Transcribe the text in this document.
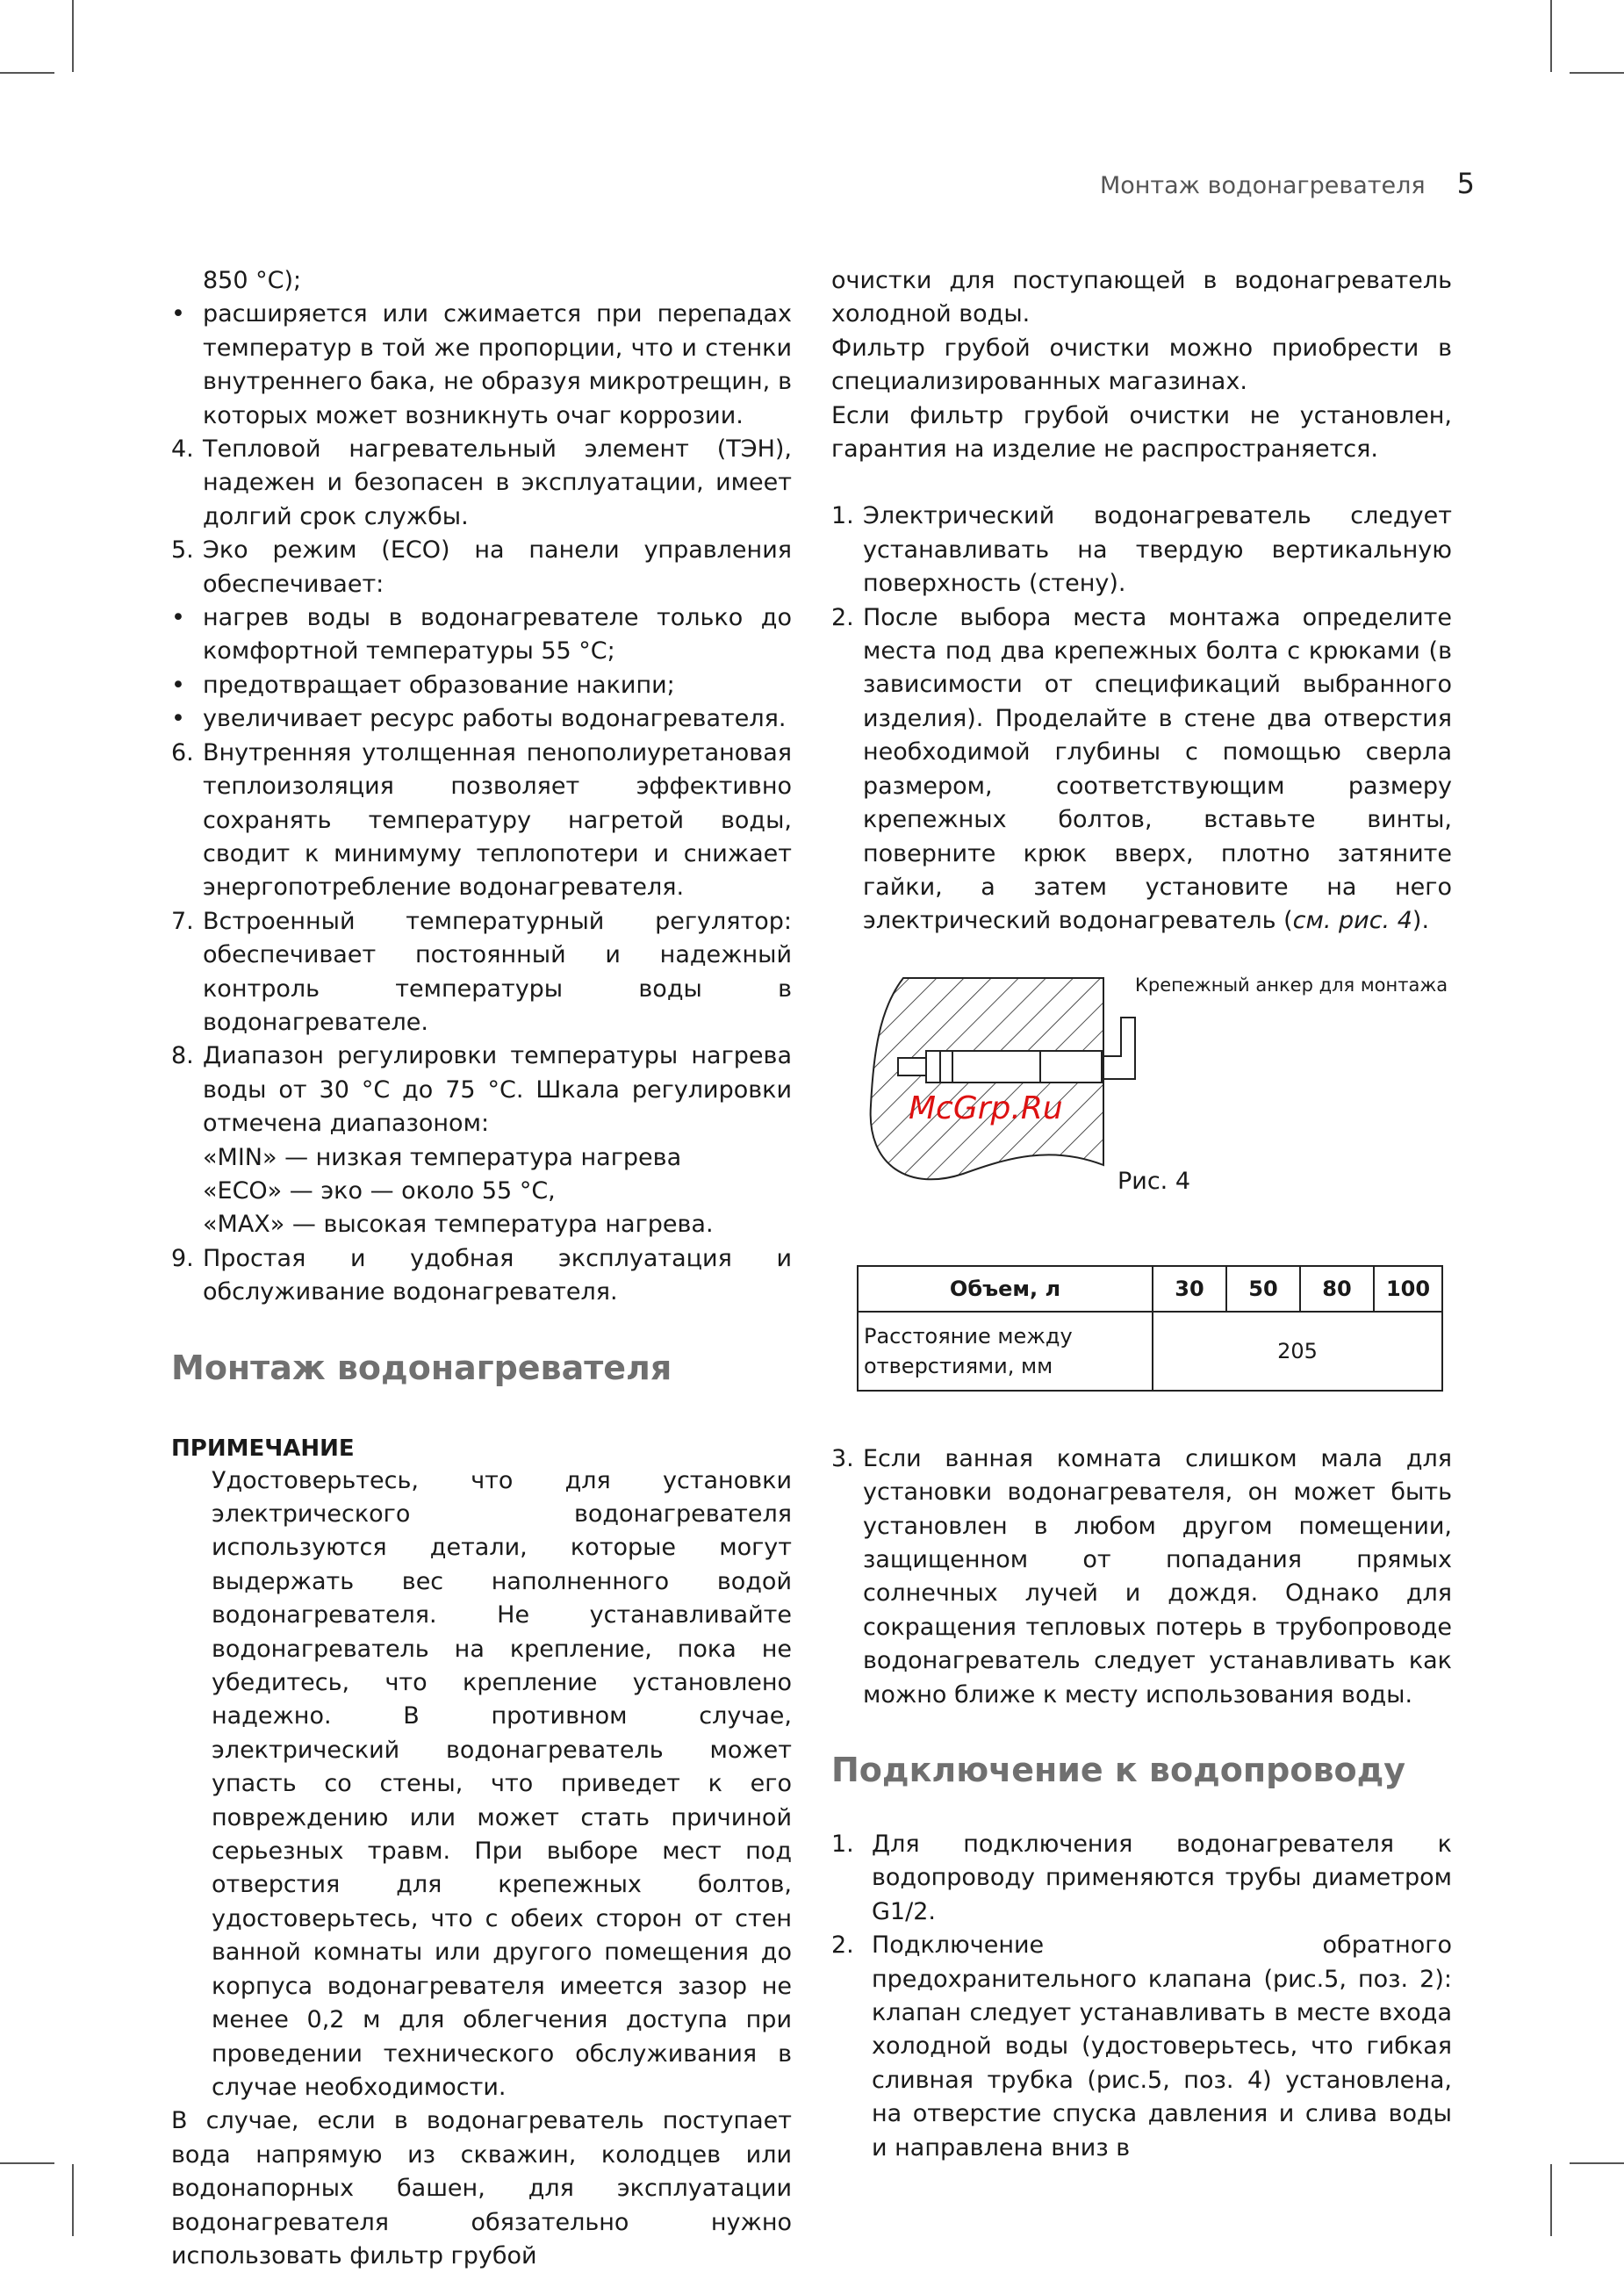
Монтаж водонагревателя 5
850 °С);
• расширяется или сжимается при перепадах температур в той же пропорции, что и стенки внутреннего бака, не образуя микротрещин, в которых может возникнуть очаг коррозии.
4. Тепловой нагревательный элемент (ТЭН), надежен и безопасен в эксплуатации, имеет долгий срок службы.
5. Эко режим (ECO) на панели управления обеспечивает:
• нагрев воды в водонагревателе только до комфортной температуры 55 °С;
• предотвращает образование накипи;
• увеличивает ресурс работы водонагревателя.
6. Внутренняя утолщенная пенополиуретановая теплоизоляция позволяет эффективно сохранять температуру нагретой воды, сводит к минимуму теплопотери и снижает энергопотребление водонагревателя.
7. Встроенный температурный регулятор: обеспечивает постоянный и надежный контроль температуры воды в водонагревателе.
8. Диапазон регулировки температуры нагрева воды от 30 °С до 75 °С. Шкала регулировки отмечена диапазоном:
«MIN» — низкая температура нагрева
«ECO» — эко — около 55 °С,
«MAX» — высокая температура нагрева.
9. Простая и удобная эксплуатация и обслуживание водонагревателя.
Монтаж водонагревателя
ПРИМЕЧАНИЕ
Удостоверьтесь, что для установки электрического водонагревателя используются детали, которые могут выдержать вес наполненного водой водонагревателя. Не устанавливайте водонагреватель на крепление, пока не убедитесь, что крепление установлено надежно. В противном случае, электрический водонагреватель может упасть со стены, что приведет к его повреждению или может стать причиной серьезных травм. При выборе мест под отверстия для крепежных болтов, удостоверьтесь, что с обеих сторон от стен ванной комнаты или другого помещения до корпуса водонагревателя имеется зазор не менее 0,2 м для облегчения доступа при проведении технического обслуживания в случае необходимости.

В случае, если в водонагреватель поступает вода напрямую из скважин, колодцев или водонапорных башен, для эксплуатации водонагревателя обязательно нужно использовать фильтр грубой

очистки для поступающей в водонагреватель холодной воды.

Фильтр грубой очистки можно приобрести в специализированных магазинах.

Если фильтр грубой очистки не установлен, гарантия на изделие не распространяется.

1. Электрический водонагреватель следует устанавливать на твердую вертикальную поверхность (стену).
2. После выбора места монтажа определите места под два крепежных болта с крюками (в зависимости от спецификаций выбранного изделия). Проделайте в стене два отверстия необходимой глубины с помощью сверла размером, соответствующим размеру крепежных болтов, вставьте винты, поверните крюк вверх, плотно затяните гайки, а затем установите на него электрический водонагреватель (см. рис. 4).
Крепежный анкер для монтажа
Рис. 4
McGrp.Ru
Объем, л	30	50	80	100
Расстояние между отверстиями, мм	205			
3. Если ванная комната слишком мала для установки водонагревателя, он может быть установлен в любом другом помещении, защищенном от попадания прямых солнечных лучей и дождя. Однако для сокращения тепловых потерь в трубопроводе водонагреватель следует устанавливать как можно ближе к месту использования воды.
Подключение к водопроводу
1. Для подключения водонагревателя к водопроводу применяются трубы диаметром G1/2.
2. Подключение обратного предохранительного клапана (рис.5, поз. 2): клапан следует устанавливать в месте входа холодной воды (удостоверьтесь, что гибкая сливная трубка (рис.5, поз. 4) установлена, на отверстие спуска давления и слива воды и направлена вниз в
